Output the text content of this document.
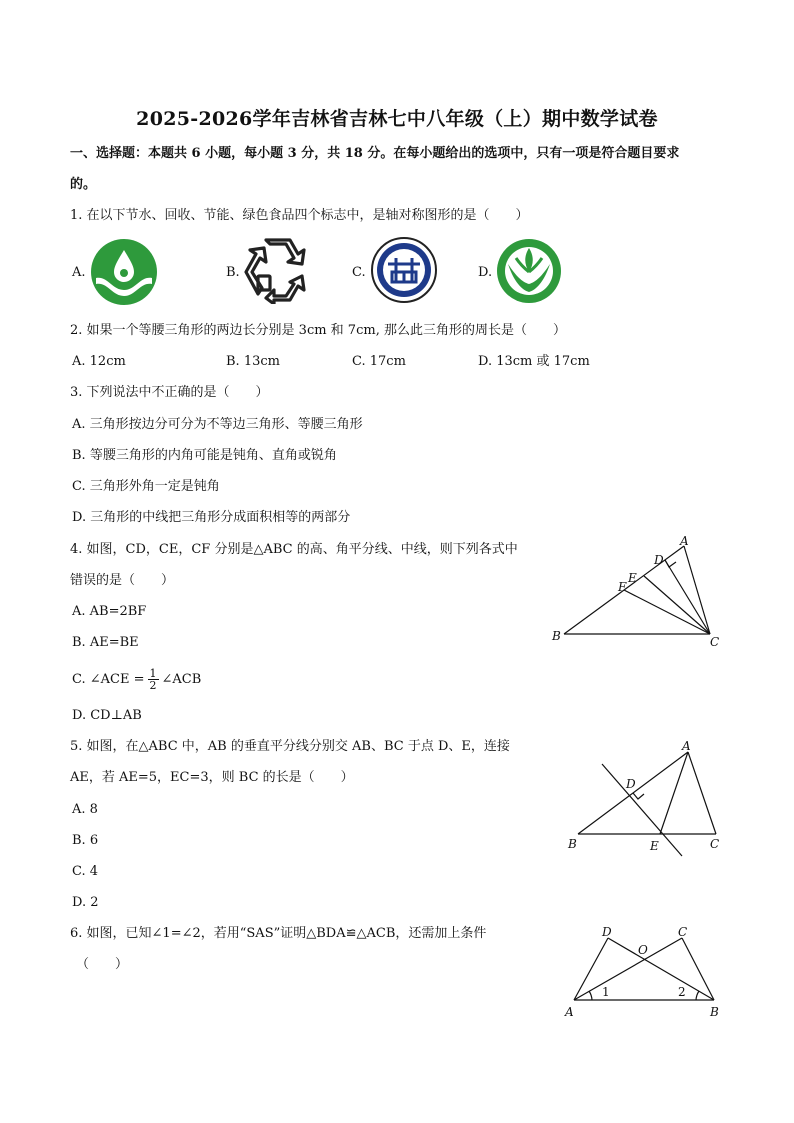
2025-2026学年吉林省吉林七中八年级（上）期中数学试卷
一、选择题：本题共 6 小题，每小题 3 分，共 18 分。在每小题给出的选项中，只有一项是符合题目要求
的。
1. 在以下节水、回收、节能、绿色食品四个标志中，是轴对称图形的是（　　）
A.	B.	C.	D.
2. 如果一个等腰三角形的两边长分别是 3cm 和 7cm, 那么此三角形的周长是（　　）
A. 12cm	B. 13cm	C. 17cm	D. 13cm 或 17cm
3. 下列说法中不正确的是（　　）
A. 三角形按边分可分为不等边三角形、等腰三角形
B. 等腰三角形的内角可能是钝角、直角或锐角
C. 三角形外角一定是钝角
D. 三角形的中线把三角形分成面积相等的两部分
4. 如图，CD，CE，CF 分别是△ABC 的高、角平分线、中线，则下列各式中
错误的是（　　）
A. AB=2BF
B. AE=BE
C. ∠ACE = $\frac{1}{2}$ ∠ACB
D. CD⊥AB
A
B	C
D
E
F
5. 如图，在△ABC 中，AB 的垂直平分线分别交 AB、BC 于点 D、E，连接
AE，若 AE=5，EC=3，则 BC 的长是（　　）
A. 8
B. 6
C. 4
D. 2
A
B	C
D
E
6. 如图，已知∠1=∠2，若用“SAS”证明△BDA≌△ACB，还需加上条件
（　　）
A	B
C
D
O
1	2
